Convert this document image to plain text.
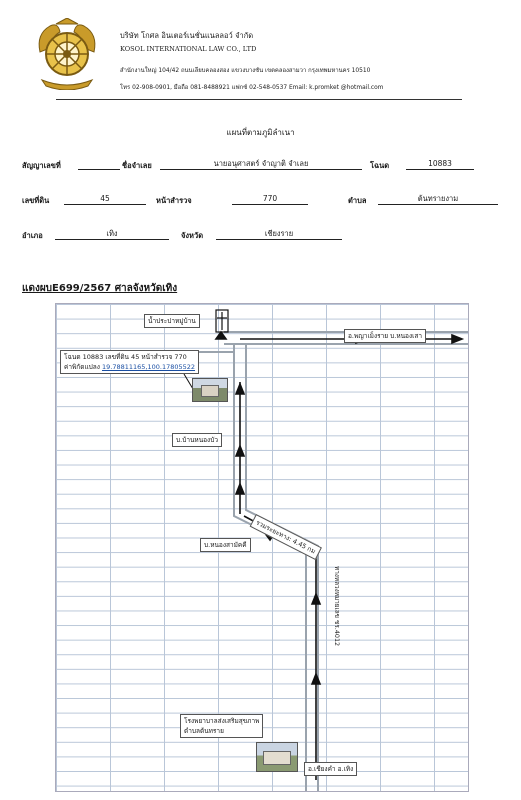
บริษัท โกศล อินเตอร์เนชั่นแนลลอว์ จำกัด
KOSOL INTERNATIONAL LAW CO., LTD
สำนักงานใหญ่ 104/42 ถนนเลียบคลองสอง แขวงบางชัน เขตคลองสามวา กรุงเทพมหานคร 10510
โทร 02-908-0901, มือถือ 081-8488921 แฟกซ์ 02-548-0537 Email: k.promket @hotmail.com
แผนที่ตามภูมิลำเนา
สัญญาเลขที่	ชื่อจำเลย	นายอนุศาสตร์ จำญาติ จำเลย	โฉนด	10883
เลขที่ดิน	45	หน้าสำรวจ	770	ตำบล	ต้นทรายงาม
อำเภอ	เทิง	จังหวัด	เชียงราย
แดงผบE699/2567 ศาลจังหวัดเทิง
น้ำประปาหมู่บ้าน
อ.พญาเม็งราย บ.หนองเสา
โฉนด 10883 เลขที่ดิน 45 หน้าสำรวจ 770
ค่าพิกัดแปลง 19.78811165,100.17805522
บ.บ้านหนองบัว
รวมระยะทาง: 4.45 กม
บ.หนองสามัคคี
ทางหลวงหมายเลข ชร.4012
โรงพยาบาลส่งเสริมสุขภาพ
ตำบลต้นทราย
อ.เชียงคำ อ.เทิง
